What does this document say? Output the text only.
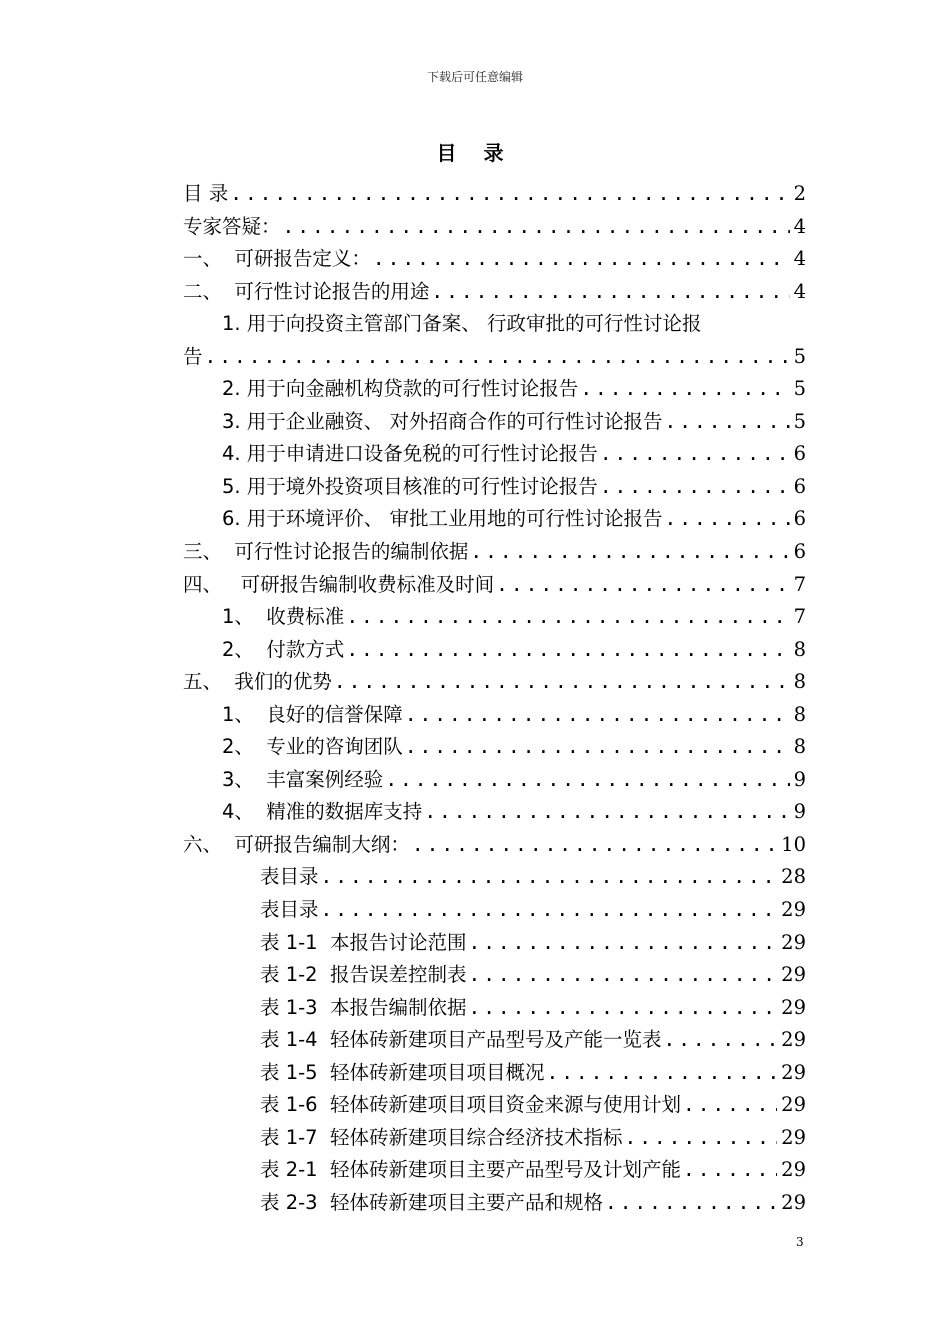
下载后可任意编辑
目 录
目 录 .....	2
专家答疑： .....	4
一、  可研报告定义： .....	4
二、  可行性讨论报告的用途 .....	4
1. 用于向投资主管部门备案、 行政审批的可行性讨论报
告 .....	5
2. 用于向金融机构贷款的可行性讨论报告 .....	5
3. 用于企业融资、 对外招商合作的可行性讨论报告 .....	5
4. 用于申请进口设备免税的可行性讨论报告 .....	6
5. 用于境外投资项目核准的可行性讨论报告 .....	6
6. 用于环境评价、 审批工业用地的可行性讨论报告 .....	6
三、  可行性讨论报告的编制依据 .....	6
四、   可研报告编制收费标准及时间 .....	7
1、  收费标准 .....	7
2、  付款方式 .....	8
五、  我们的优势 .....	8
1、  良好的信誉保障 .....	8
2、  专业的咨询团队 .....	8
3、  丰富案例经验 .....	9
4、  精准的数据库支持 .....	9
六、  可研报告编制大纲： .....	10
表目录 .....	28
表目录 .....	29
表 1-1  本报告讨论范围 .....	29
表 1-2  报告误差控制表 .....	29
表 1-3  本报告编制依据 .....	29
表 1-4  轻体砖新建项目产品型号及产能一览表 .....	29
表 1-5  轻体砖新建项目项目概况 .....	29
表 1-6  轻体砖新建项目项目资金来源与使用计划 .....	29
表 1-7  轻体砖新建项目综合经济技术指标 .....	29
表 2-1  轻体砖新建项目主要产品型号及计划产能 .....	29
表 2-3  轻体砖新建项目主要产品和规格 .....	29
3
